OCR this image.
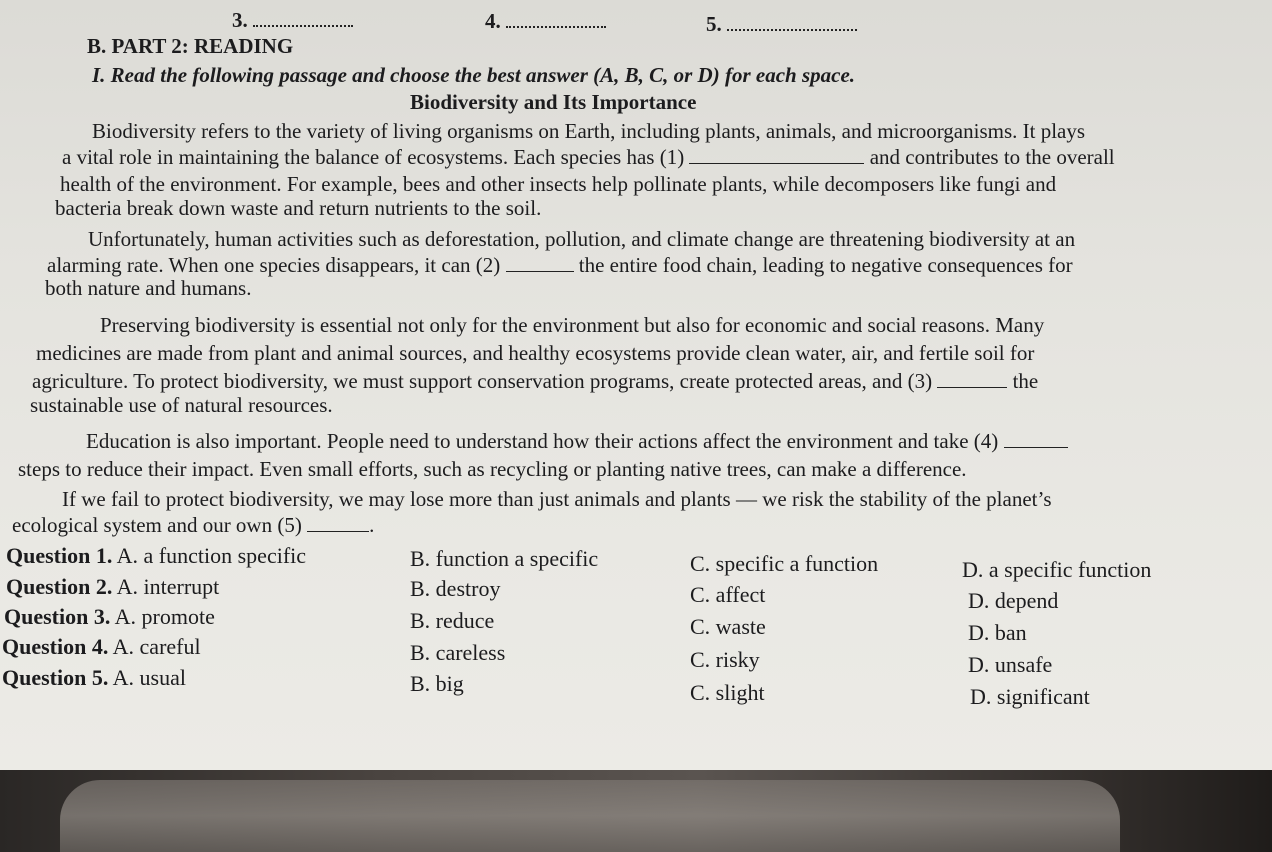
3.	4.	5.
B. PART 2: READING
I. Read the following passage and choose the best answer (A, B, C, or D) for each space.
Biodiversity and Its Importance
Biodiversity refers to the variety of living organisms on Earth, including plants, animals, and microorganisms. It plays
a vital role in maintaining the balance of ecosystems. Each species has (1)	and contributes to the overall
health of the environment. For example, bees and other insects help pollinate plants, while decomposers like fungi and
bacteria break down waste and return nutrients to the soil.
Unfortunately, human activities such as deforestation, pollution, and climate change are threatening biodiversity at an
alarming rate. When one species disappears, it can (2)	the entire food chain, leading to negative consequences for
both nature and humans.
Preserving biodiversity is essential not only for the environment but also for economic and social reasons. Many
medicines are made from plant and animal sources, and healthy ecosystems provide clean water, air, and fertile soil for
agriculture. To protect biodiversity, we must support conservation programs, create protected areas, and (3)	the
sustainable use of natural resources.
Education is also important. People need to understand how their actions affect the environment and take (4)
steps to reduce their impact. Even small efforts, such as recycling or planting native trees, can make a difference.
If we fail to protect biodiversity, we may lose more than just animals and plants — we risk the stability of the planet’s
ecological system and our own (5)	.
Question 1. A. a function specific	B. function a specific	C. specific a function	D. a specific function
Question 2. A. interrupt	B. destroy	C. affect	D. depend
Question 3. A. promote	B. reduce	C. waste	D. ban
Question 4. A. careful	B. careless	C. risky	D. unsafe
Question 5. A. usual	B. big	C. slight	D. significant
